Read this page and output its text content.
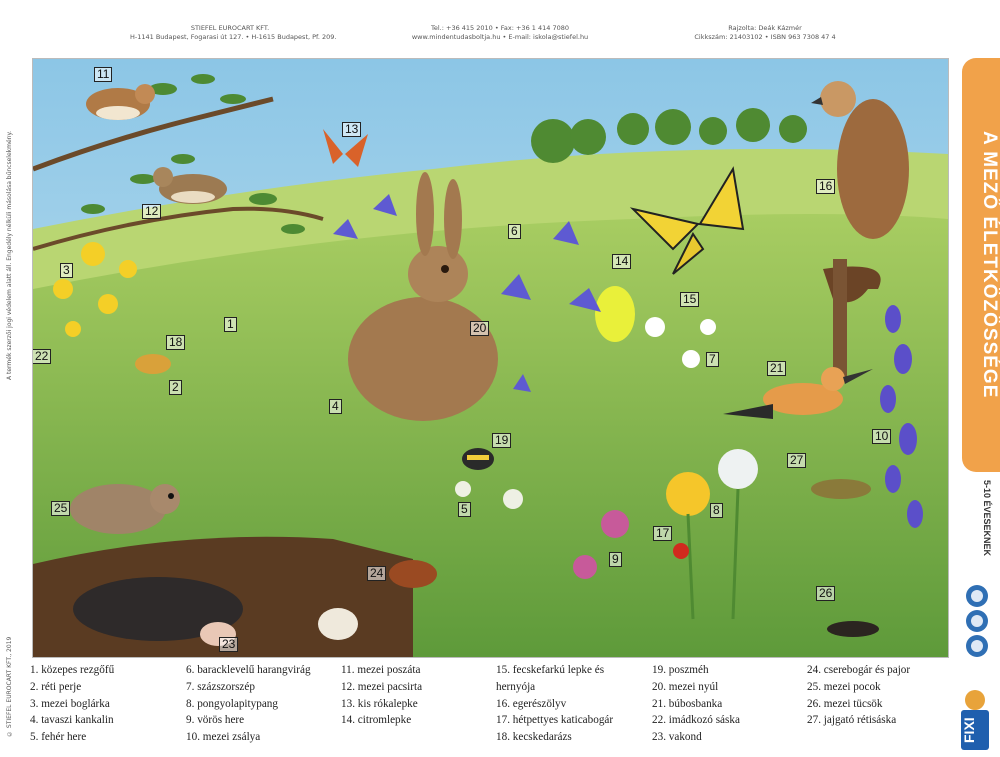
STIEFEL EUROCART KFT.
H-1141 Budapest, Fogarasi út 127. • H-1615 Budapest, Pf. 209.
Tel.: +36 415 2010 • Fax: +36 1 414 7080
www.mindentudasboltja.hu • E-mail: iskola@stiefel.hu
Rajzolta: Deák Kázmér
Cikkszám: 21403102 • ISBN 963 7308 47 4
A termék szerzői jogi védelem alatt áll. Engedély nélküli másolása bűncselekmény.
© STIEFEL EUROCART KFT., 2019
11
13
16
12
6
14
15
3
1	20
18
7
21
2
4
22
10
19
27
8
25	5
17
9
24
26
23
A MEZŐ ÉLETKÖZÖSSÉGE
5-10 ÉVESEKNEK
FIXI
1. közepes rezgőfű
2. réti perje
3. mezei boglárka
4. tavaszi kankalin
5. fehér here
6. baracklevelű harangvirág
7. százszorszép
8. pongyolapitypang
9. vörös here
10. mezei zsálya
11. mezei poszáta
12. mezei pacsirta
13. kis rókalepke
14. citromlepke
15. fecskefarkú lepke és
hernyója
16. egerészölyv
17. hétpettyes katicabogár
18. kecskedarázs
19. poszméh
20. mezei nyúl
21. búbosbanka
22. imádkozó sáska
23. vakond
24. cserebogár és pajor
25. mezei pocok
26. mezei tücsök
27. jajgató rétisáska
